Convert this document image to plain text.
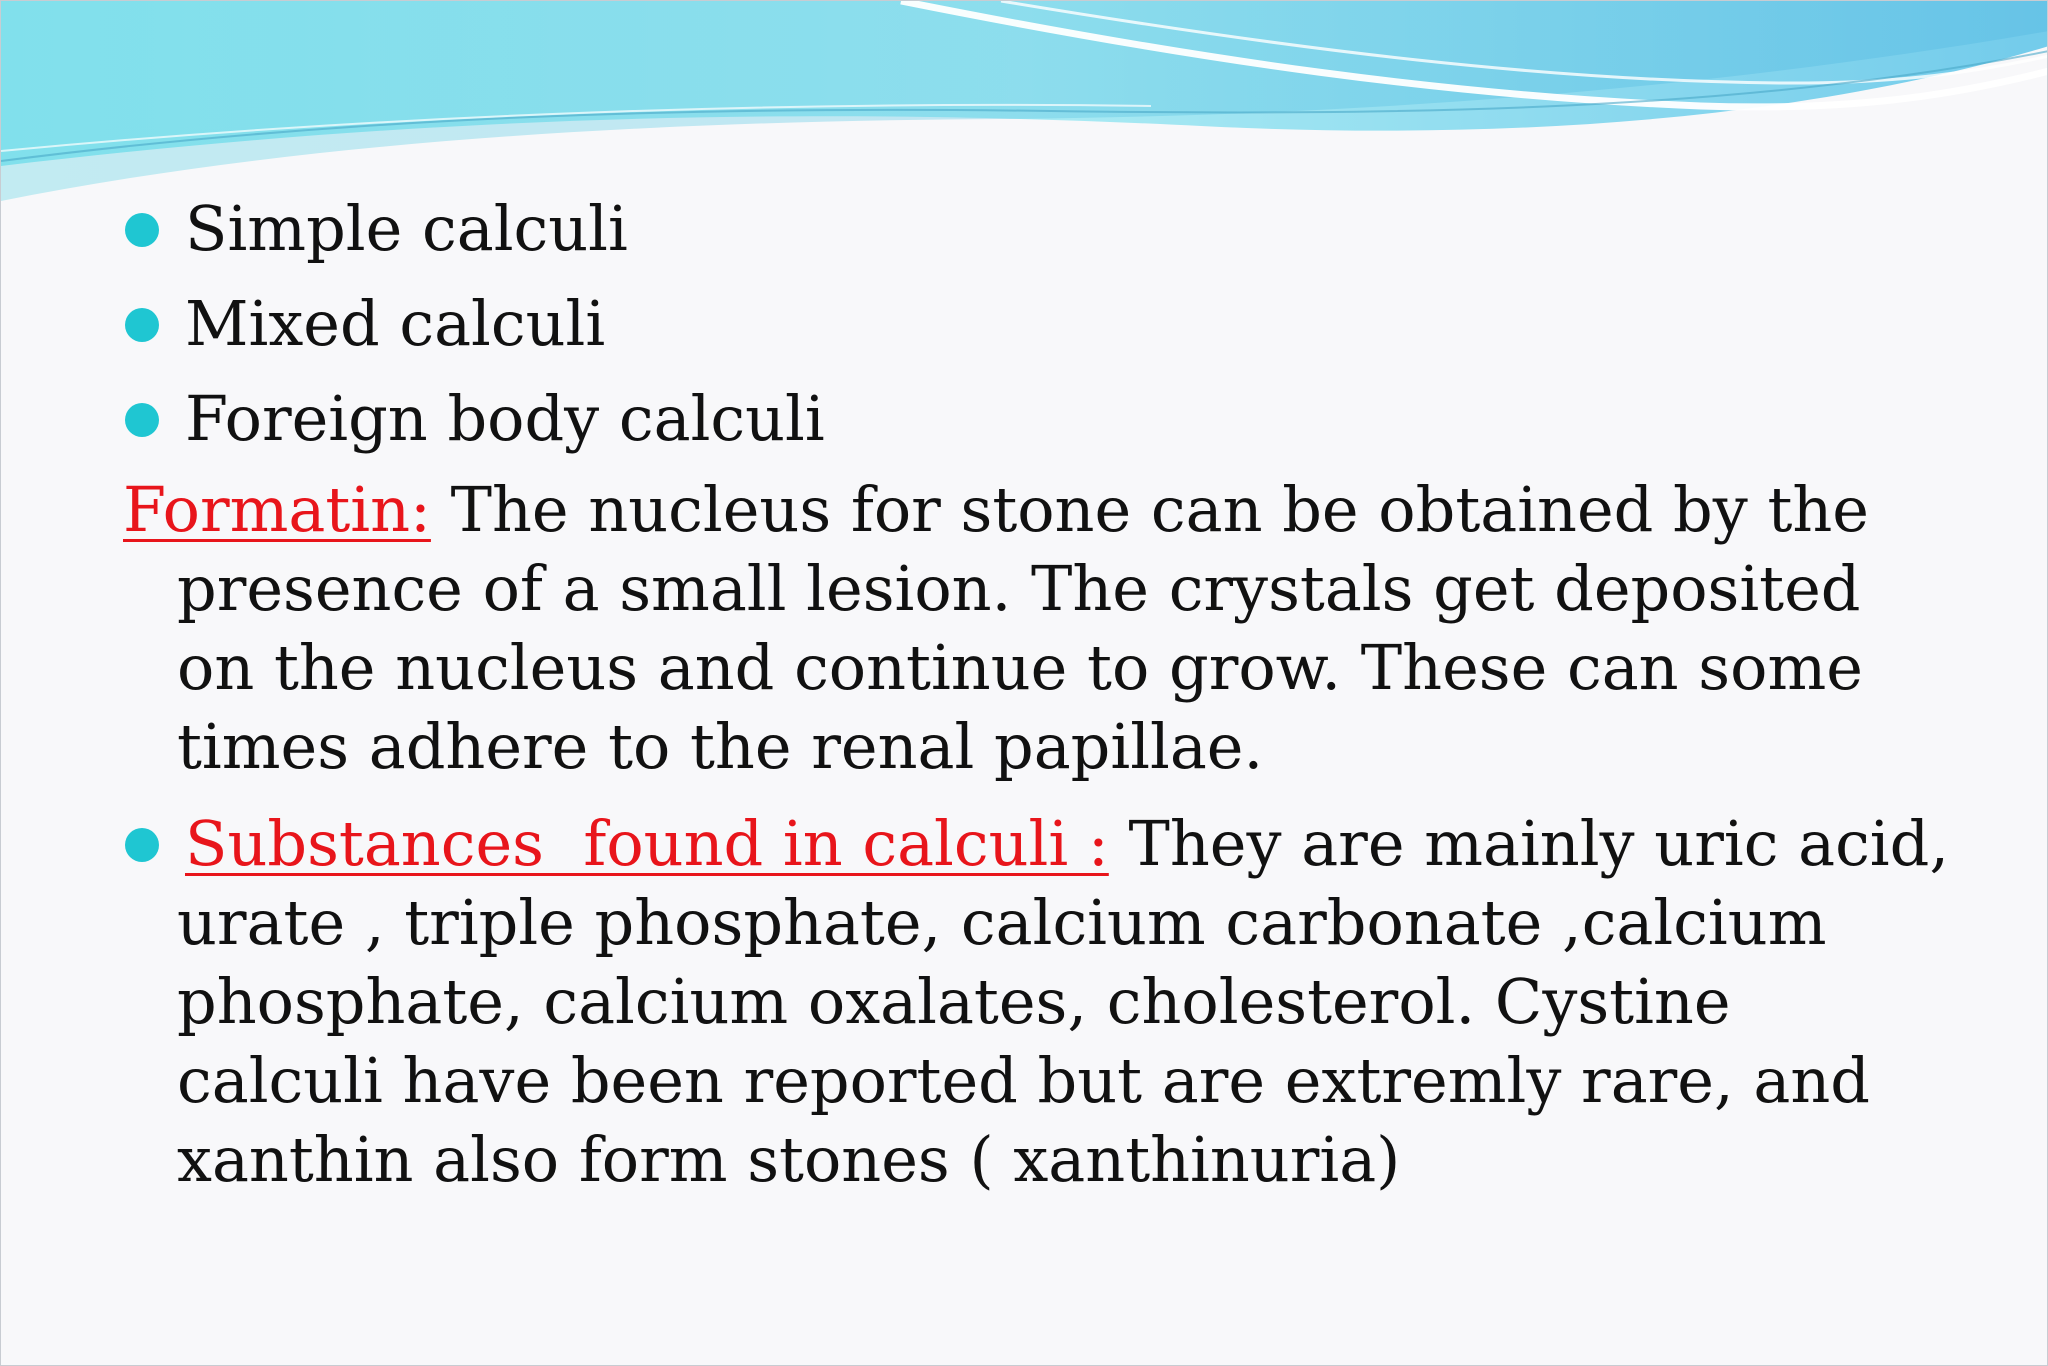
Simple calculi
Mixed calculi
Foreign body calculi
Formatin: The nucleus for stone can be obtained by the presence of a small lesion. The crystals get deposited on the nucleus and continue to grow. These can some times adhere to the renal papillae.
Substances  found in calculi : They are mainly uric acid, urate , triple phosphate, calcium carbonate ,calcium phosphate, calcium oxalates, cholesterol. Cystine calculi have been reported but are extremly rare, and xanthin also form stones ( xanthinuria)
